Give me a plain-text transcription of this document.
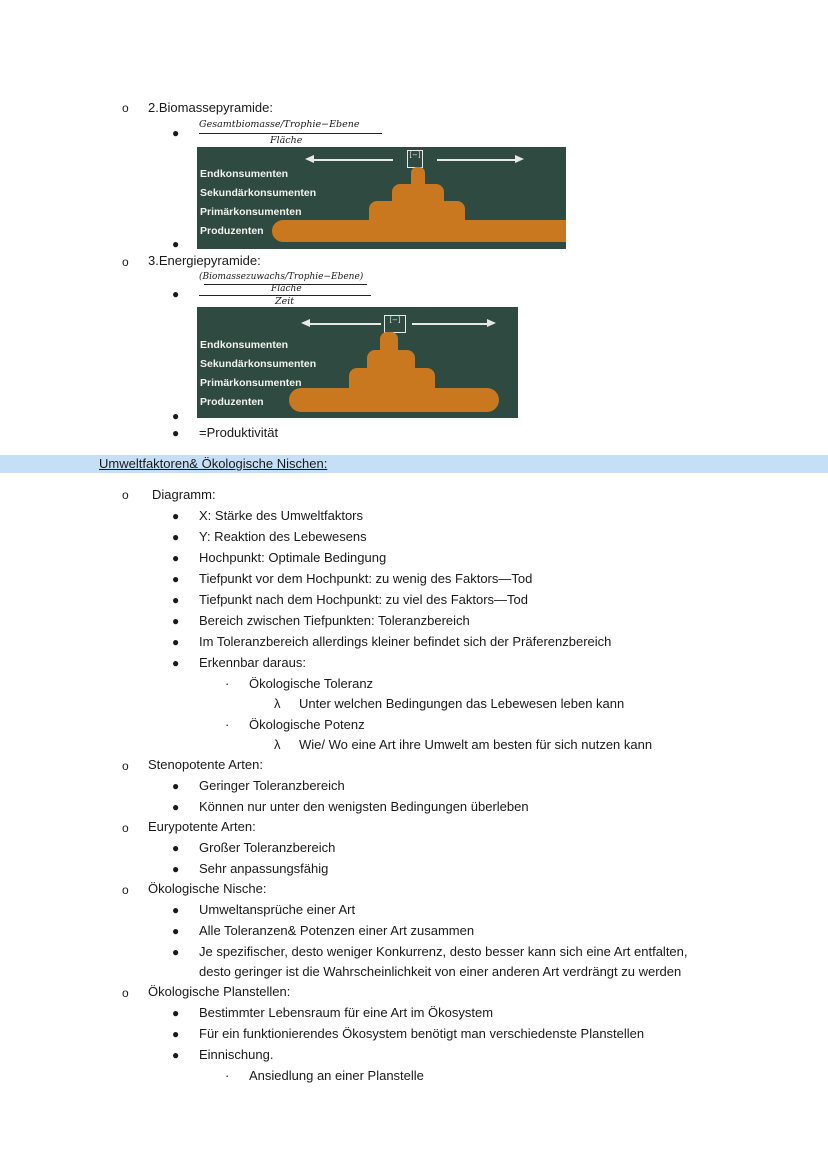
o 2.Biomassepyramide:
●
Gesamtbiomasse/Trophie−Ebene
Fläche
[−]
Endkonsumenten
Sekundärkonsumenten
Primärkonsumenten
Produzenten
●
o 3.Energiepyramide:
●
(Biomassezuwachs/Trophie−Ebene)
Fläche
Zeit
[−]
Endkonsumenten
Sekundärkonsumenten
Primärkonsumenten
Produzenten
●
● =Produktivität
Umweltfaktoren& Ökologische Nischen:
o Diagramm:
● X: Stärke des Umweltfaktors
● Y: Reaktion des Lebewesens
● Hochpunkt: Optimale Bedingung
● Tiefpunkt vor dem Hochpunkt: zu wenig des Faktors—Tod
● Tiefpunkt nach dem Hochpunkt: zu viel des Faktors—Tod
● Bereich zwischen Tiefpunkten: Toleranzbereich
● Im Toleranzbereich allerdings kleiner befindet sich der Präferenzbereich
● Erkennbar daraus:
· Ökologische Toleranz
λ Unter welchen Bedingungen das Lebewesen leben kann
· Ökologische Potenz
λ Wie/ Wo eine Art ihre Umwelt am besten für sich nutzen kann
o Stenopotente Arten:
● Geringer Toleranzbereich
● Können nur unter den wenigsten Bedingungen überleben
o Eurypotente Arten:
● Großer Toleranzbereich
● Sehr anpassungsfähig
o Ökologische Nische:
● Umweltansprüche einer Art
● Alle Toleranzen& Potenzen einer Art zusammen
● Je spezifischer, desto weniger Konkurrenz, desto besser kann sich eine Art entfalten,
desto geringer ist die Wahrscheinlichkeit von einer anderen Art verdrängt zu werden
o Ökologische Planstellen:
● Bestimmter Lebensraum für eine Art im Ökosystem
● Für ein funktionierendes Ökosystem benötigt man verschiedenste Planstellen
● Einnischung.
· Ansiedlung an einer Planstelle
